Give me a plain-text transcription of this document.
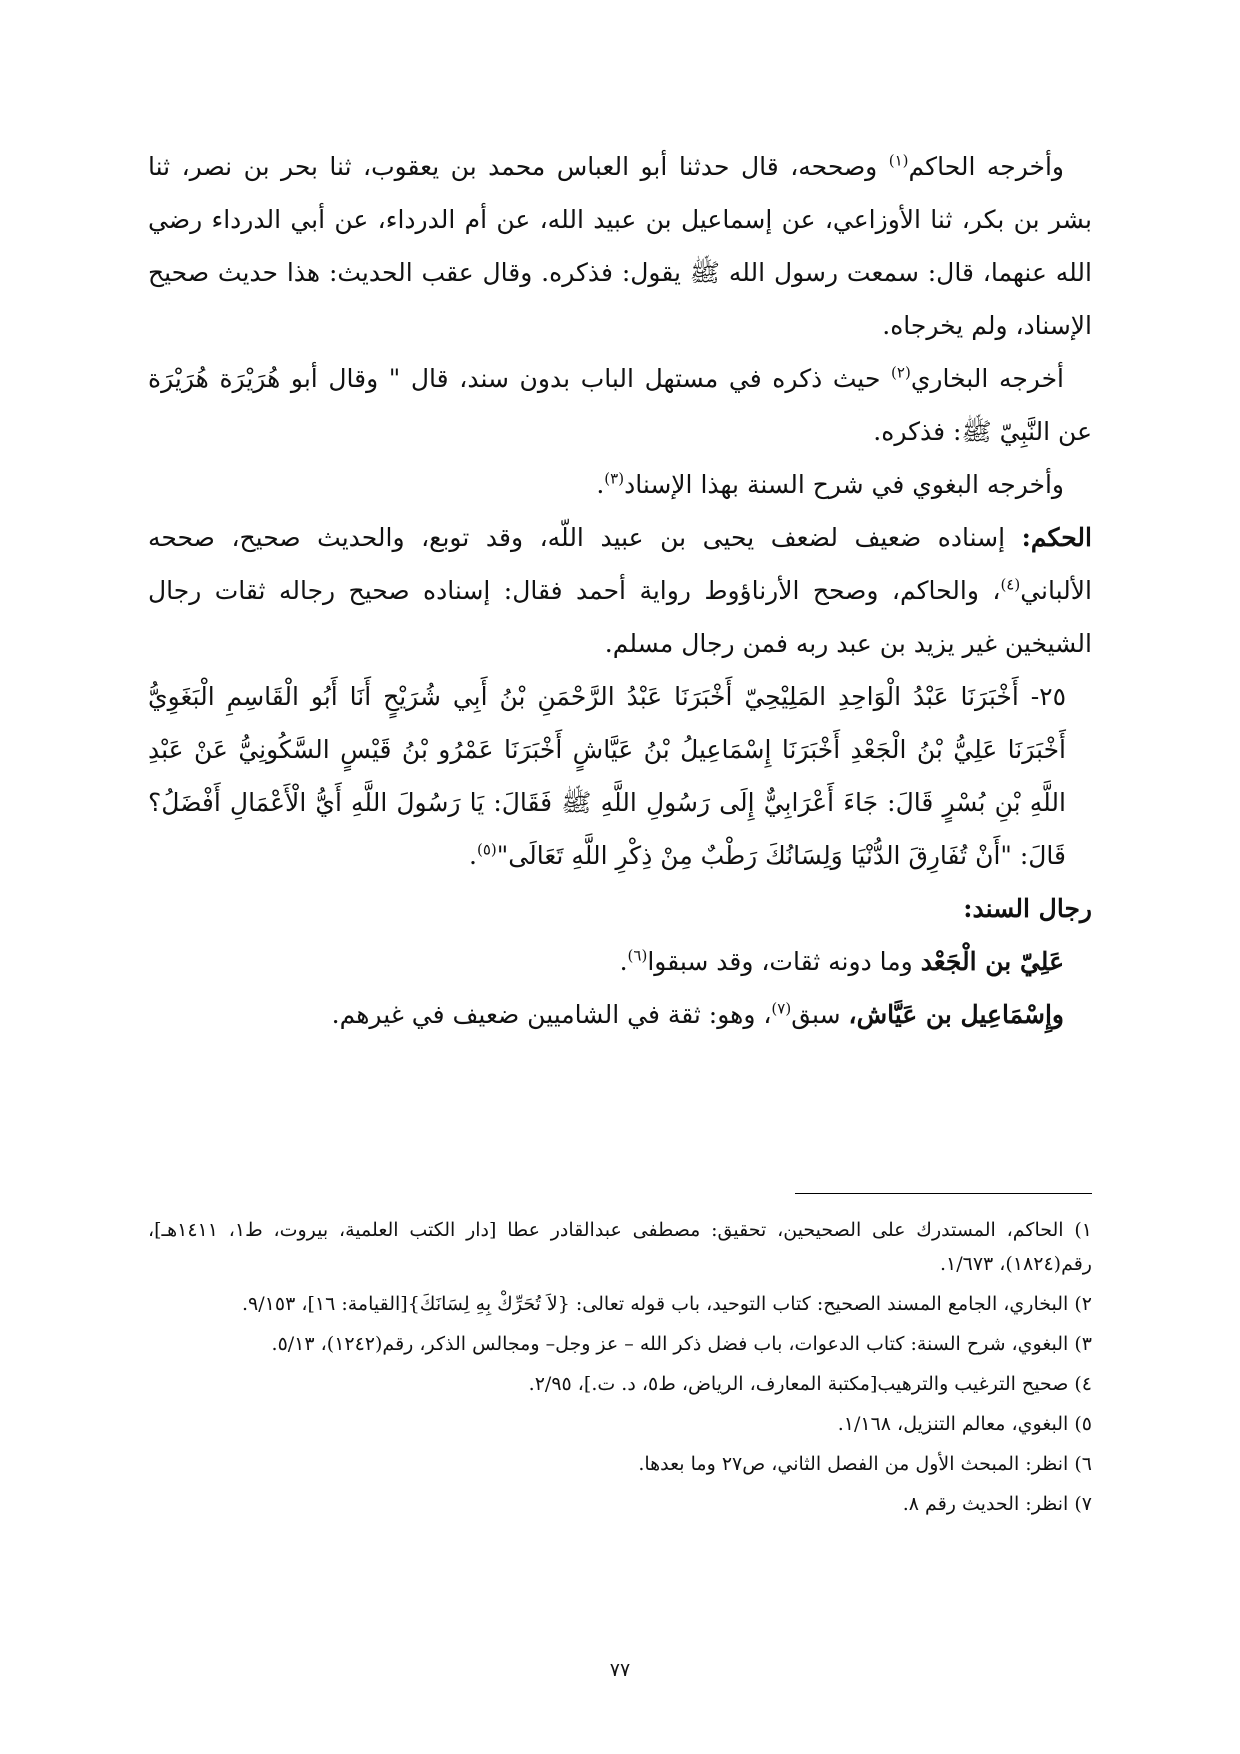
وأخرجه الحاكم$^{(١)}$ وصححه، قال حدثنا أبو العباس محمد بن يعقوب، ثنا بحر بن نصر، ثنا بشر بن بكر، ثنا الأوزاعي، عن إسماعيل بن عبيد الله، عن أم الدرداء، عن أبي الدرداء رضي الله عنهما، قال: سمعت رسول الله ﷺ يقول: فذكره. وقال عقب الحديث: هذا حديث صحيح الإسناد، ولم يخرجاه.

أخرجه البخاري$^{(٢)}$ حيث ذكره في مستهل الباب بدون سند، قال " وقال أبو هُرَيْرَة هُرَيْرَة عن النَّبِيّ ﷺ: فذكره.

وأخرجه البغوي في شرح السنة بهذا الإسناد$^{(٣)}$.

الحكم: إسناده ضعيف لضعف يحيى بن عبيد اللّه، وقد توبع، والحديث صحيح، صححه الألباني$^{(٤)}$، والحاكم، وصحح الأرناؤوط رواية أحمد فقال: إسناده صحيح رجاله ثقات رجال الشيخين غير يزيد بن عبد ربه فمن رجال مسلم.

٢٥- أَخْبَرَنَا عَبْدُ الْوَاحِدِ المَلِيْحِيّ أَخْبَرَنَا عَبْدُ الرَّحْمَنِ بْنُ أَبِي شُرَيْحٍ أَنَا أَبُو الْقَاسِمِ الْبَغَوِيُّ أَخْبَرَنَا عَلِيُّ بْنُ الْجَعْدِ أَخْبَرَنَا إِسْمَاعِيلُ بْنُ عَيَّاشٍ أَخْبَرَنَا عَمْرُو بْنُ قَيْسٍ السَّكُونِيُّ عَنْ عَبْدِ اللَّهِ بْنِ بُسْرٍ قَالَ: جَاءَ أَعْرَابِيٌّ إِلَى رَسُولِ اللَّهِ ﷺ فَقَالَ: يَا رَسُولَ اللَّهِ أَيُّ الْأَعْمَالِ أَفْضَلُ؟ قَالَ: "أَنْ تُفَارِقَ الدُّنْيَا وَلِسَانُكَ رَطْبٌ مِنْ ذِكْرِ اللَّهِ تَعَالَى"$^{(٥)}$.

رجال السند:

عَلِيّ بن الْجَعْد وما دونه ثقات، وقد سبقوا$^{(٦)}$.

وإِسْمَاعِيل بن عَيَّاش، سبق$^{(٧)}$، وهو: ثقة في الشاميين ضعيف في غيرهم.

١) الحاكم، المستدرك على الصحيحين، تحقيق: مصطفى عبدالقادر عطا [دار الكتب العلمية، بيروت، ط١، ١٤١١هـ]، رقم(١٨٢٤)، ١/٦٧٣.

٢) البخاري، الجامع المسند الصحيح: كتاب التوحيد، باب قوله تعالى: {لاَ تُحَرِّكْ بِهِ لِسَانَكَ}[القيامة: ١٦]، ٩/١٥٣.

٣) البغوي، شرح السنة: كتاب الدعوات، باب فضل ذكر الله – عز وجل– ومجالس الذكر، رقم(١٢٤٢)، ٥/١٣.

٤) صحيح الترغيب والترهيب[مكتبة المعارف، الرياض، ط٥، د. ت.]، ٢/٩٥.

٥) البغوي، معالم التنزيل، ١/١٦٨.

٦) انظر: المبحث الأول من الفصل الثاني، ص٢٧ وما بعدها.

٧) انظر: الحديث رقم ٨.

٧٧
